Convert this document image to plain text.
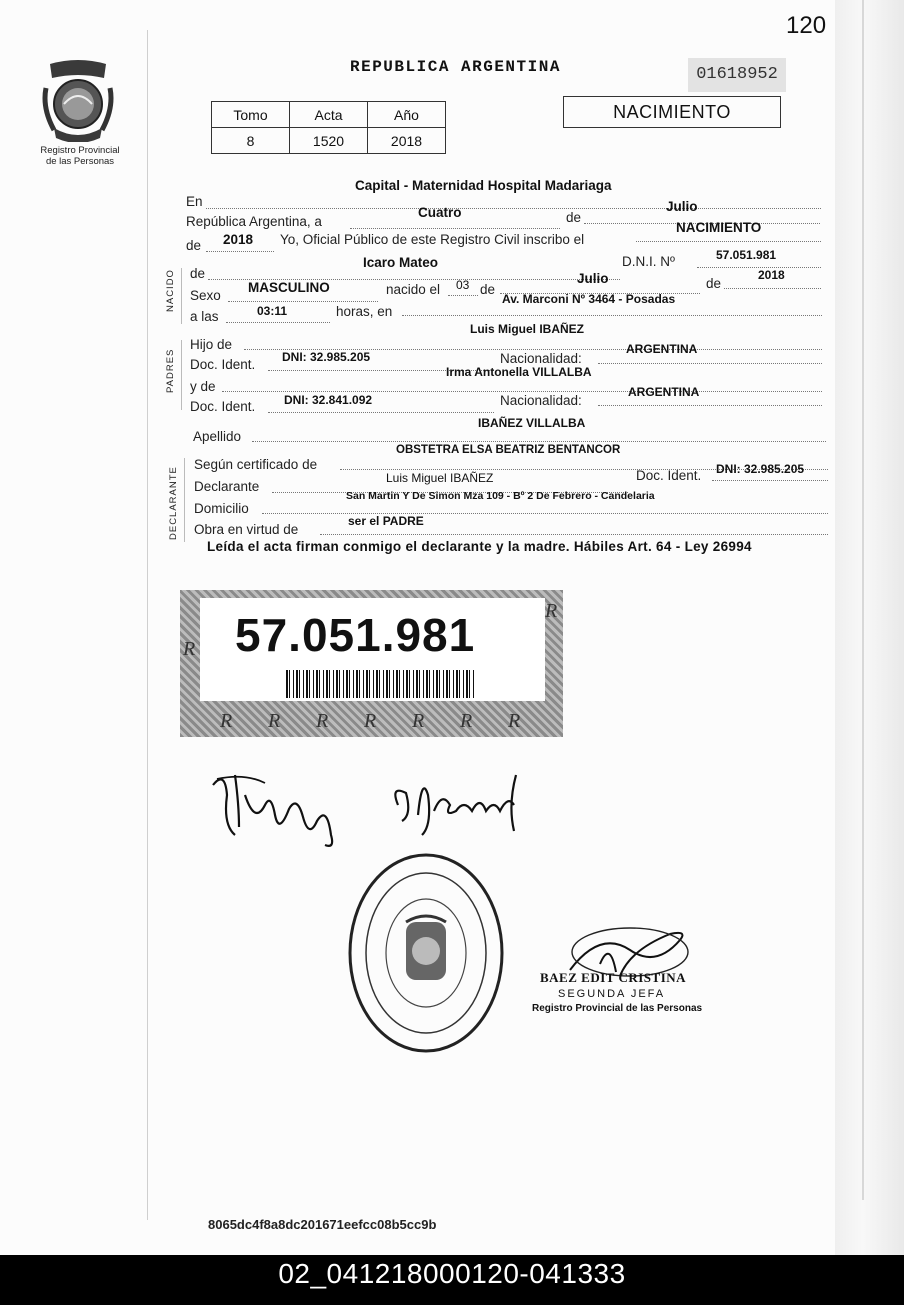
120
Registro Provincial
de las Personas
REPUBLICA ARGENTINA	01618952
Tomo	Acta	Año
8	1520	2018
NACIMIENTO
En
Capital - Maternidad Hospital Madariaga
República Argentina, a
Cuatro	de
Julio
de 2018 Yo, Oficial Público de este Registro Civil inscribo el
NACIMIENTO
NACIDO de
Icaro Mateo	D.N.I. Nº	57.051.981
Sexo
MASCULINO	nacido el 03 de
Julio	de
2018
a las	03:11	horas, en
Av. Marconi Nº 3464 - Posadas
PADRES
Hijo de
Luis Miguel IBAÑEZ
Doc. Ident. DNI: 32.985.205	Nacionalidad:
ARGENTINA
y de
Irma Antonella VILLALBA
Doc. Ident. DNI: 32.841.092	Nacionalidad:
ARGENTINA
Apellido
IBAÑEZ VILLALBA
DECLARANTE
Según certificado de
OBSTETRA ELSA BEATRIZ BENTANCOR
Declarante
Luis Miguel IBAÑEZ	Doc. Ident. DNI: 32.985.205
Domicilio
San Martin Y De Simon Mza 109 - Bº 2 De Febrero - Candelaria
Obra en virtud de
ser el PADRE
Leída el acta firman conmigo el declarante y la madre. Hábiles Art. 64 - Ley 26994
57.051.981
R
R
R R R R R R R
BAEZ EDIT CRISTINA
SEGUNDA JEFA
Registro Provincial de las Personas
8065dc4f8a8dc201671eefcc08b5cc9b
02_041218000120-041333
